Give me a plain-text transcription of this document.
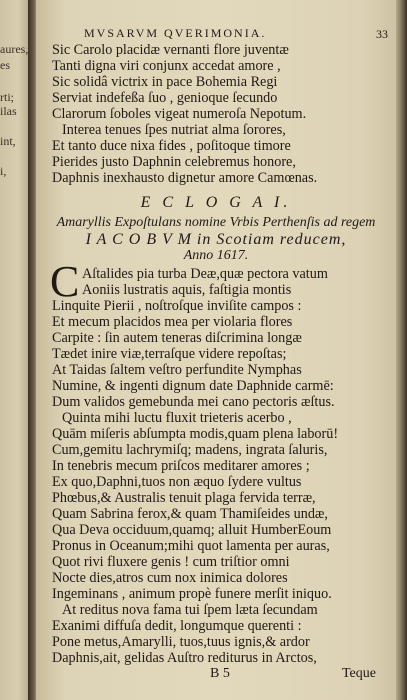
aures,
es
rti;
ilas
int,
i,
MVSARVM QVERIMONIA.	33
Sic Carolo placidæ vernanti flore juventæ
Tanti digna viri conjunx accedat amore ,
Sic solidâ victrix in pace Bohemia Regi
Serviat indefeßa ſuo , genioque ſecundo
Clarorum ſoboles vigeat numeroſa Nepotum.
Interea tenues ſpes nutriat alma ſorores,
Et tanto duce nixa fides , poſitoque timore
Pierides justo Daphnin celebremus honore,
Daphnis inexhausto dignetur amore Camœnas.
E C L O G A I.
Amaryllis Expoſtulans nomine Vrbis Perthenſis ad regem
I A C O B V M in Scotiam reducem,
Anno 1617.
C Aſtalides pia turba Deæ,quæ pectora vatum
Aoniis lustratis aquis, faſtigia montis
Linquite Pierii , noſtroſque inviſite campos :
Et mecum placidos mea per violaria flores
Carpite : ſin autem teneras diſcrimina longæ
Tædet inire viæ,terraſque videre repoſtas;
At Taidas ſaltem veſtro perfundite Nymphas
Numine, & ingenti dignum date Daphnide carmē:
Dum validos gemebunda mei cano pectoris æſtus.
Quinta mihi luctu fluxit trieteris acerbo ,
Quām miſeris abſumpta modis,quam plena laborū!
Cum,gemitu lachrymiſq; madens, ingrata ſaluris,
In tenebris mecum priſcos meditarer amores ;
Ex quo,Daphni,tuos non æquo ſydere vultus
Phœbus,& Australis tenuit plaga fervida terræ,
Quam Sabrina ferox,& quam Thamiſeides undæ,
Qua Deva occiduum,quamq; alluit HumberEoum
Pronus in Oceanum;mihi quot lamenta per auras,
Quot rivi fluxere genis ! cum triſtior omni
Nocte dies,atros cum nox inimica dolores
Ingeminans , animum propè funere merſit iniquo.
At reditus nova fama tui ſpem læta ſecundam
Exanimi diffuſa dedit, longumque querenti :
Pone metus,Amarylli, tuos,tuus ignis,& ardor
Daphnis,ait, gelidas Auſtro rediturus in Arctos,
B 5	Teque
